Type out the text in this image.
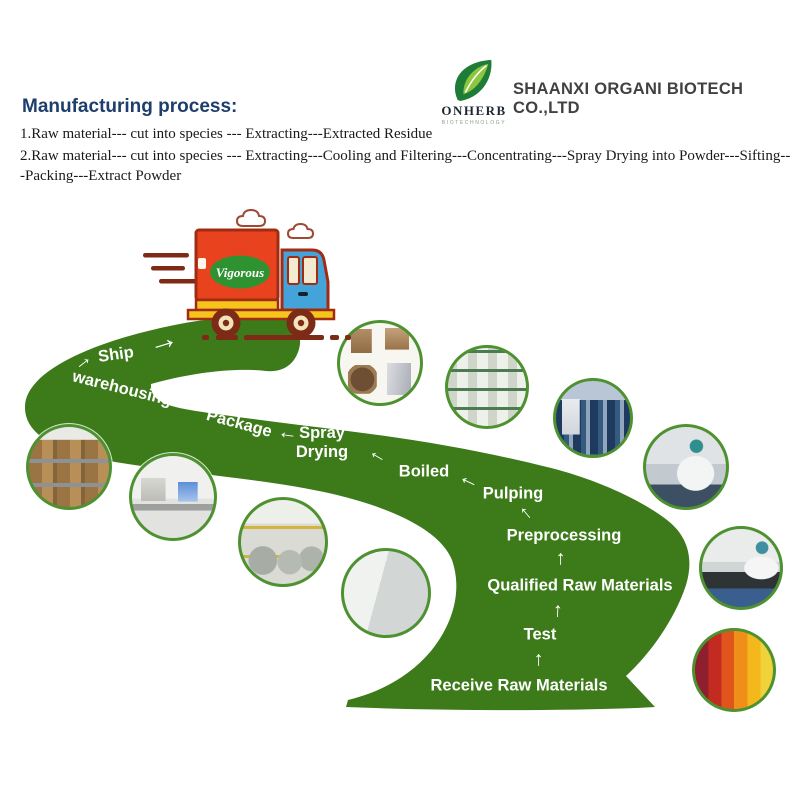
ONHERB
BIOTECHNOLOGY
SHAANXI ORGANI BIOTECH CO.,LTD
Manufacturing process:

1.Raw material--- cut into species --- Extracting---Extracted Residue

2.Raw material--- cut into species --- Extracting---Cooling and Filtering---Concentrating---Spray Drying into Powder---Sifting---Packing---Extract Powder

Receive Raw Materials
Test
Qualified Raw Materials
Preprocessing
Pulping
Boiled
Spray Drying
Package
warehousing
Ship
→
→
→
→
→
→
→
→
→
→
Vigorous
